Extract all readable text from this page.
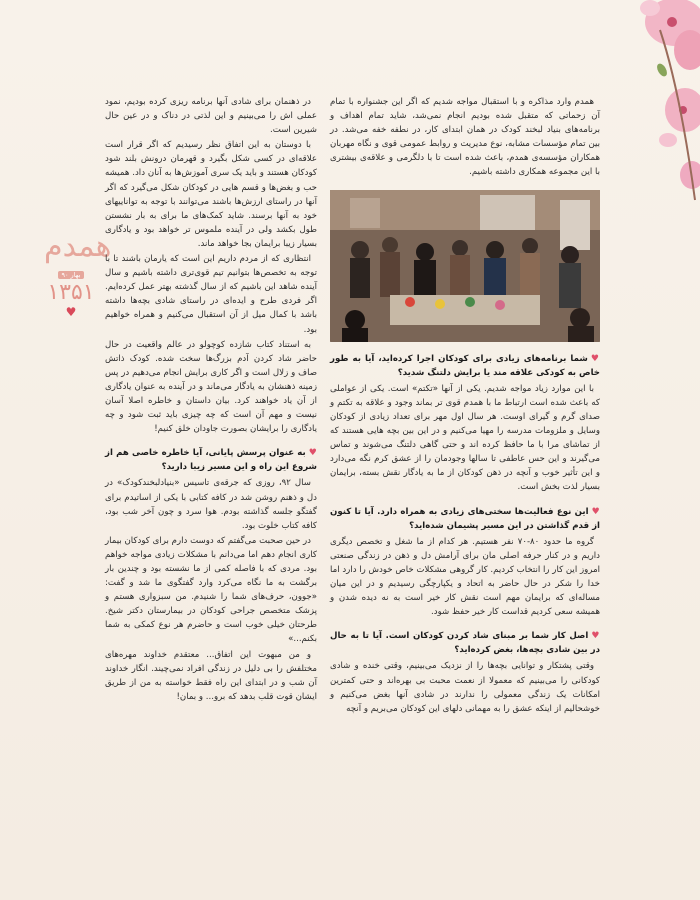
همدم
بهار ۹۰
۱۳۵۱
♥

همدم وارد مذاکره و با استقبال مواجه شدیم که اگر این جشنواره با تمام آن زحماتی که متقبل شده بودیم انجام نمی‌شد، شاید تمام اهداف و برنامه‌های بنیاد لبخند کودک در همان ابتدای کار، در نطفه خفه می‌شد. در بین تمام مؤسسات مشابه، نوع مدیریت و روابط عمومی قوی و نگاه مهربان همکاران مؤسسه‌ی همدم، باعث شده است تا با دلگرمی و علاقه‌ی بیشتری با این مجموعه همکاری داشته باشیم.

♥شما برنامه‌های زیادی برای کودکان اجرا کرده‌اید، آیا به طور خاص به کودکی علاقه مند یا برایش دلتنگ شدید؟

با این موارد زیاد مواجه شدیم. یکی از آنها «تکتم» است. یکی از عواملی که باعث شده است ارتباط ما با همدم قوی تر بماند وجود و علاقه به تکتم و صدای گرم و گیرای اوست. هر سال اول مهر برای تعداد زیادی از کودکان وسایل و ملزومات مدرسه را مهیا می‌کنیم و در این بین بچه هایی هستند که از تماشای مرا با ما حافظ کرده اند و حتی گاهی دلتنگ می‌شوند و تماس می‌گیرند و این حس عاطفی تا سالها وجودمان را از عشق کرم نگه می‌دارد و این تأثیر خوب و آنچه در ذهن کودکان از ما به یادگار نقش بسته، برایمان بسیار لذت بخش است.

♥این نوع فعالیت‌ها سختی‌های زیادی به همراه دارد. آیا تا کنون از قدم گذاشتن در این مسیر پشیمان شده‌اید؟

گروه ما حدود ۸۰-۷۰ نفر هستیم. هر کدام از ما شغل و تخصص دیگری داریم و در کنار حرفه اصلی مان برای آرامش دل و ذهن در زندگی صنعتی امروز این کار را انتخاب کردیم. کار گروهی مشکلات خاص خودش را دارد اما خدا را شکر در حال حاضر به اتحاد و یکپارچگی رسیدیم و در این میان مساله‌ای که برایمان مهم است نقش کار خیر است به نه دیده شدن و همیشه سعی کردیم قداست کار خیر حفظ شود.

♥اصل کار شما بر مبنای شاد کردن کودکان است. آیا تا به حال در بین شادی بچه‌ها، بغض کرده‌اید؟

وقتی پشتکار و توانایی بچه‌ها را از نزدیک می‌بینیم، وقتی خنده و شادی کودکانی را می‌بینیم که معمولا از نعمت محبت بی بهره‌اند و حتی کمترین امکانات یک زندگی معمولی را ندارند در شادی آنها بغض می‌کنیم و خوشحالیم از اینکه عشق را به مهمانی دلهای این کودکان می‌بریم و آنچه

در ذهنمان برای شادی آنها برنامه ریزی کرده بودیم، نمود عملی اش را می‌بینیم و این لذتی در دناک و در عین حال شیرین است.

با دوستان به این اتفاق نظر رسیدیم که اگر قرار است علاقه‌ای در کسی شکل بگیرد و قهرمان درونش بلند شود کودکان هستند و باید یک سری آموزش‌ها به آنان داد. همیشه حب و بغض‌ها و قسم هایی در کودکان شکل می‌گیرد که اگر آنها در راستای ارزش‌ها باشند می‌توانند با توجه به تواناییهای خود به آنها برسند. شاید کمک‌های ما برای به بار نشستن طول بکشد ولی در آینده ملموس تر خواهد بود و یادگاری بسیار زیبا برایمان بجا خواهد ماند.

انتظاری که از مردم داریم این است که یارمان باشند تا با توجه به تخصص‌ها بتوانیم تیم قوی‌تری داشته باشیم و سال آینده شاهد این باشیم که از سال گذشته بهتر عمل کرده‌ایم. اگر فردی طرح و ایده‌ای در راستای شادی بچه‌ها داشته باشد با کمال میل از آن استقبال می‌کنیم و همراه خواهیم بود.

به استناد کتاب شازده کوچولو در عالم واقعیت در حال حاضر شاد کردن آدم بزرگ‌ها سخت شده. کودک ذاتش صاف و زلال است و اگر کاری برایش انجام می‌دهیم در پس زمینه ذهنشان به یادگار می‌ماند و در آینده به عنوان یادگاری از آن یاد خواهند کرد. بیان داستان و خاطره اصلا آسان نیست و مهم آن است که چه چیزی باید ثبت شود و چه یادگاری را برایشان بصورت جاودان خلق کنیم!

♥به عنوان پرسش پایانی، آیا خاطره خاصی هم از شروع این راه و این مسیر زیبا دارید؟

سال ۹۲، روزی که جرقه‌ی تاسیس «بنیادلبخندکودک» در دل و ذهنم روشن شد در کافه کتابی با یکی از اساتیدم برای گفتگو جلسه گذاشته بودم. هوا سرد و چون آخر شب بود، کافه کتاب خلوت بود.

در حین صحبت می‌گفتم که دوست دارم برای کودکان بیمار کاری انجام دهم اما می‌دانم با مشکلات زیادی مواجه خواهم بود. مردی که با فاصله کمی از ما نشسته بود و چندین بار برگشت به ما نگاه می‌کرد وارد گفتگوی ما شد و گفت: «جوون، حرف‌های شما را شنیدم. من سبزواری هستم و پزشک متخصص جراحی کودکان در بیمارستان دکتر شیخ. طرحتان خیلی خوب است و حاضرم هر نوع کمکی به شما بکنم...»

و من مبهوت این اتفاق... معتقدم خداوند مهره‌های مختلفش را بی دلیل در زندگی افراد نمی‌چیند. انگار خداوند آن شب و در ابتدای این راه فقط خواسته به من از طریق ایشان قوت قلب بدهد که برو... و بمان!
